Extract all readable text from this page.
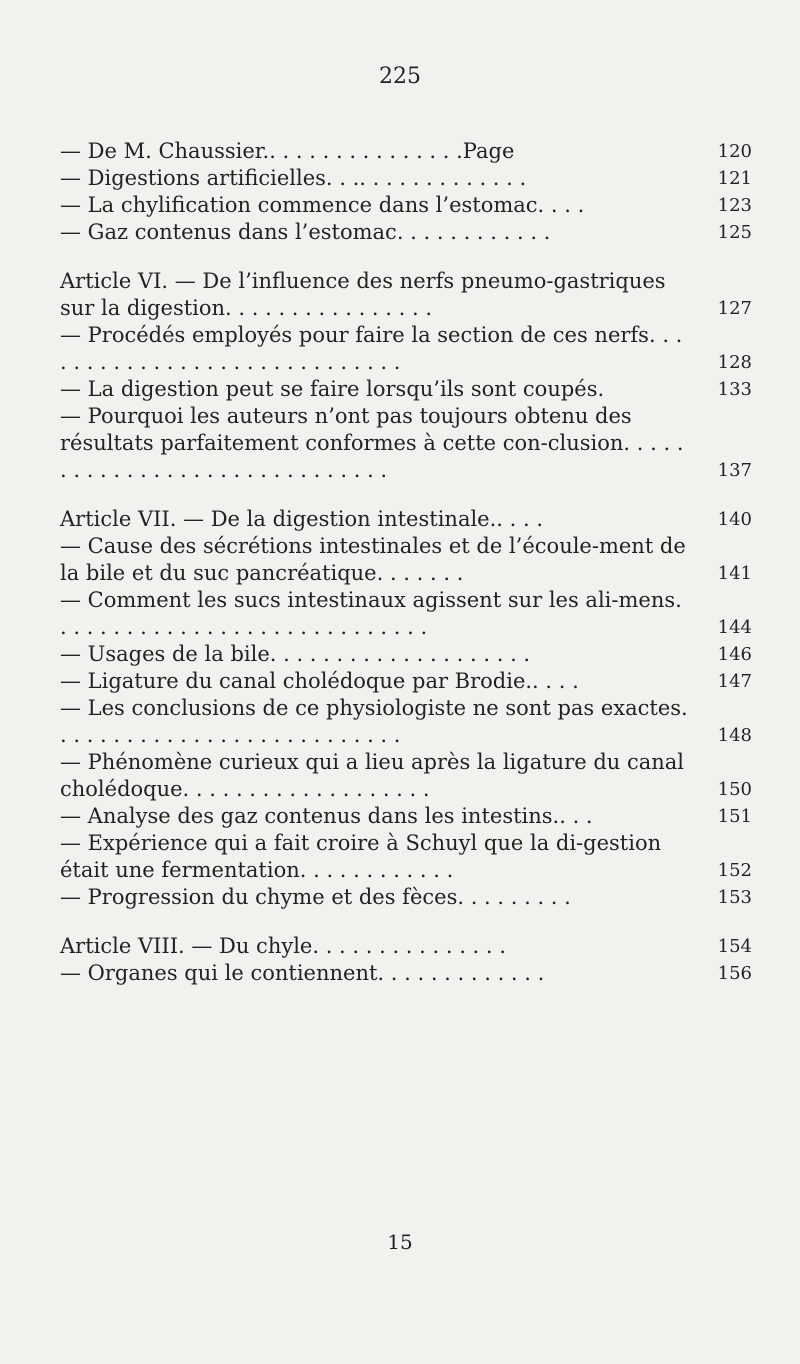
225
— De M. Chaussier.. . . . . . . . . . . . . . .Page	120
— Digestions artificielles. . .. . . . . . . . . . . . .	121
— La chylification commence dans l’estomac. . . .	123
— Gaz contenus dans l’estomac. . . . . . . . . . . .	125
Article VI. — De l’influence des nerfs pneumo-gastriques sur la digestion. . . . . . . . . . . . . . . .	127
— Procédés employés pour faire la section de ces nerfs. . . . . . . . . . . . . . . . . . . . . . . . . . . . .	128
— La digestion peut se faire lorsqu’ils sont coupés.	133
— Pourquoi les auteurs n’ont pas toujours obtenu des résultats parfaitement conformes à cette con-clusion. . . . . . . . . . . . . . . . . . . . . . . . . . . . . .	137
Article VII. — De la digestion intestinale.. . . .	140
— Cause des sécrétions intestinales et de l’écoule-ment de la bile et du suc pancréatique. . . . . . .	141
— Comment les sucs intestinaux agissent sur les ali-mens. . . . . . . . . . . . . . . . . . . . . . . . . . . . .	144
— Usages de la bile. . . . . . . . . . . . . . . . . . . .	146
— Ligature du canal cholédoque par Brodie.. . . .	147
— Les conclusions de ce physiologiste ne sont pas exactes. . . . . . . . . . . . . . . . . . . . . . . . . . .	148
— Phénomène curieux qui a lieu après la ligature du canal cholédoque. . . . . . . . . . . . . . . . . . .	150
— Analyse des gaz contenus dans les intestins.. . .	151
— Expérience qui a fait croire à Schuyl que la di-gestion était une fermentation. . . . . . . . . . . .	152
— Progression du chyme et des fèces. . . . . . . . .	153
Article VIII. — Du chyle. . . . . . . . . . . . . . .	154
— Organes qui le contiennent. . . . . . . . . . . . .	156
15
